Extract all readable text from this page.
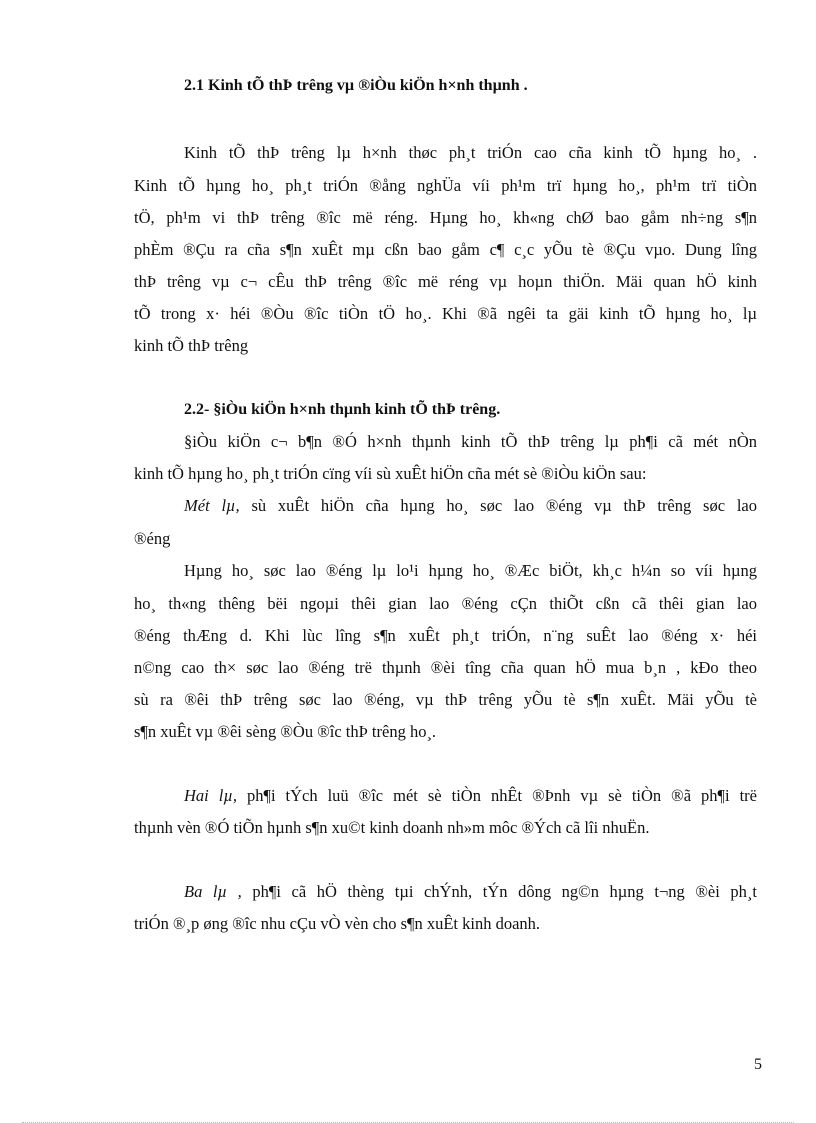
2.1 Kinh tÕ thÞ trêng vµ ®iÒu kiÖn h×nh thµnh .
Kinh tÕ thÞ trêng lµ h×nh thøc ph¸t triÓn cao cña kinh tÕ hµng ho¸ .
Kinh tÕ hµng ho¸ ph¸t triÓn ®ång nghÜa víi ph¹m trï hµng ho¸, ph¹m trï tiÒn
tÖ, ph¹m vi thÞ trêng ®îc më réng. Hµng ho¸ kh«ng chØ bao gåm nh÷ng s¶n
phÈm ®Çu ra cña s¶n xuÊt mµ cßn bao gåm c¶ c¸c yÕu tè ®Çu vµo. Dung lîng
thÞ trêng vµ c¬ cÊu thÞ trêng ®îc më réng vµ hoµn thiÖn. Mäi quan hÖ kinh
tÕ trong x· héi ®Òu ®îc tiÒn tÖ ho¸. Khi ®ã ngêi ta gäi kinh tÕ hµng ho¸ lµ
kinh tÕ thÞ trêng
2.2- §iÒu kiÖn h×nh thµnh kinh tÕ thÞ trêng.
§iÒu kiÖn c¬ b¶n ®Ó h×nh thµnh kinh tÕ thÞ trêng lµ ph¶i cã mét nÒn
kinh tÕ hµng ho¸ ph¸t triÓn cïng víi sù xuÊt hiÖn cña mét sè ®iÒu kiÖn sau:
Mét lµ, sù xuÊt hiÖn cña hµng ho¸ søc lao ®éng vµ thÞ trêng søc lao
®éng
Hµng ho¸ søc lao ®éng lµ lo¹i hµng ho¸ ®Æc biÖt, kh¸c h¼n so víi hµng
ho¸ th«ng thêng bëi ngoµi thêi gian lao ®éng cÇn thiÕt cßn cã thêi gian lao
®éng thÆng d. Khi lùc lîng s¶n xuÊt ph¸t triÓn, n¨ng suÊt lao ®éng x· héi
n©ng cao th× søc lao ®éng trë thµnh ®èi tîng cña quan hÖ mua b¸n , kÐo theo
sù ra ®êi thÞ trêng søc lao ®éng, vµ thÞ trêng yÕu tè s¶n xuÊt. Mäi yÕu tè
s¶n xuÊt vµ ®êi sèng ®Òu ®îc thÞ trêng ho¸.
Hai lµ, ph¶i tÝch luü ®îc mét sè tiÒn nhÊt ®Þnh vµ sè tiÒn ®ã ph¶i trë
thµnh vèn ®Ó tiÕn hµnh s¶n xu©t kinh doanh nh»m môc ®Ých cã lîi nhuËn.
Ba lµ , ph¶i cã hÖ thèng tµi chÝnh, tÝn dông ng©n hµng t¬ng ®èi ph¸t
triÓn ®¸p øng ®îc nhu cÇu vÒ vèn cho s¶n xuÊt kinh doanh.
5
